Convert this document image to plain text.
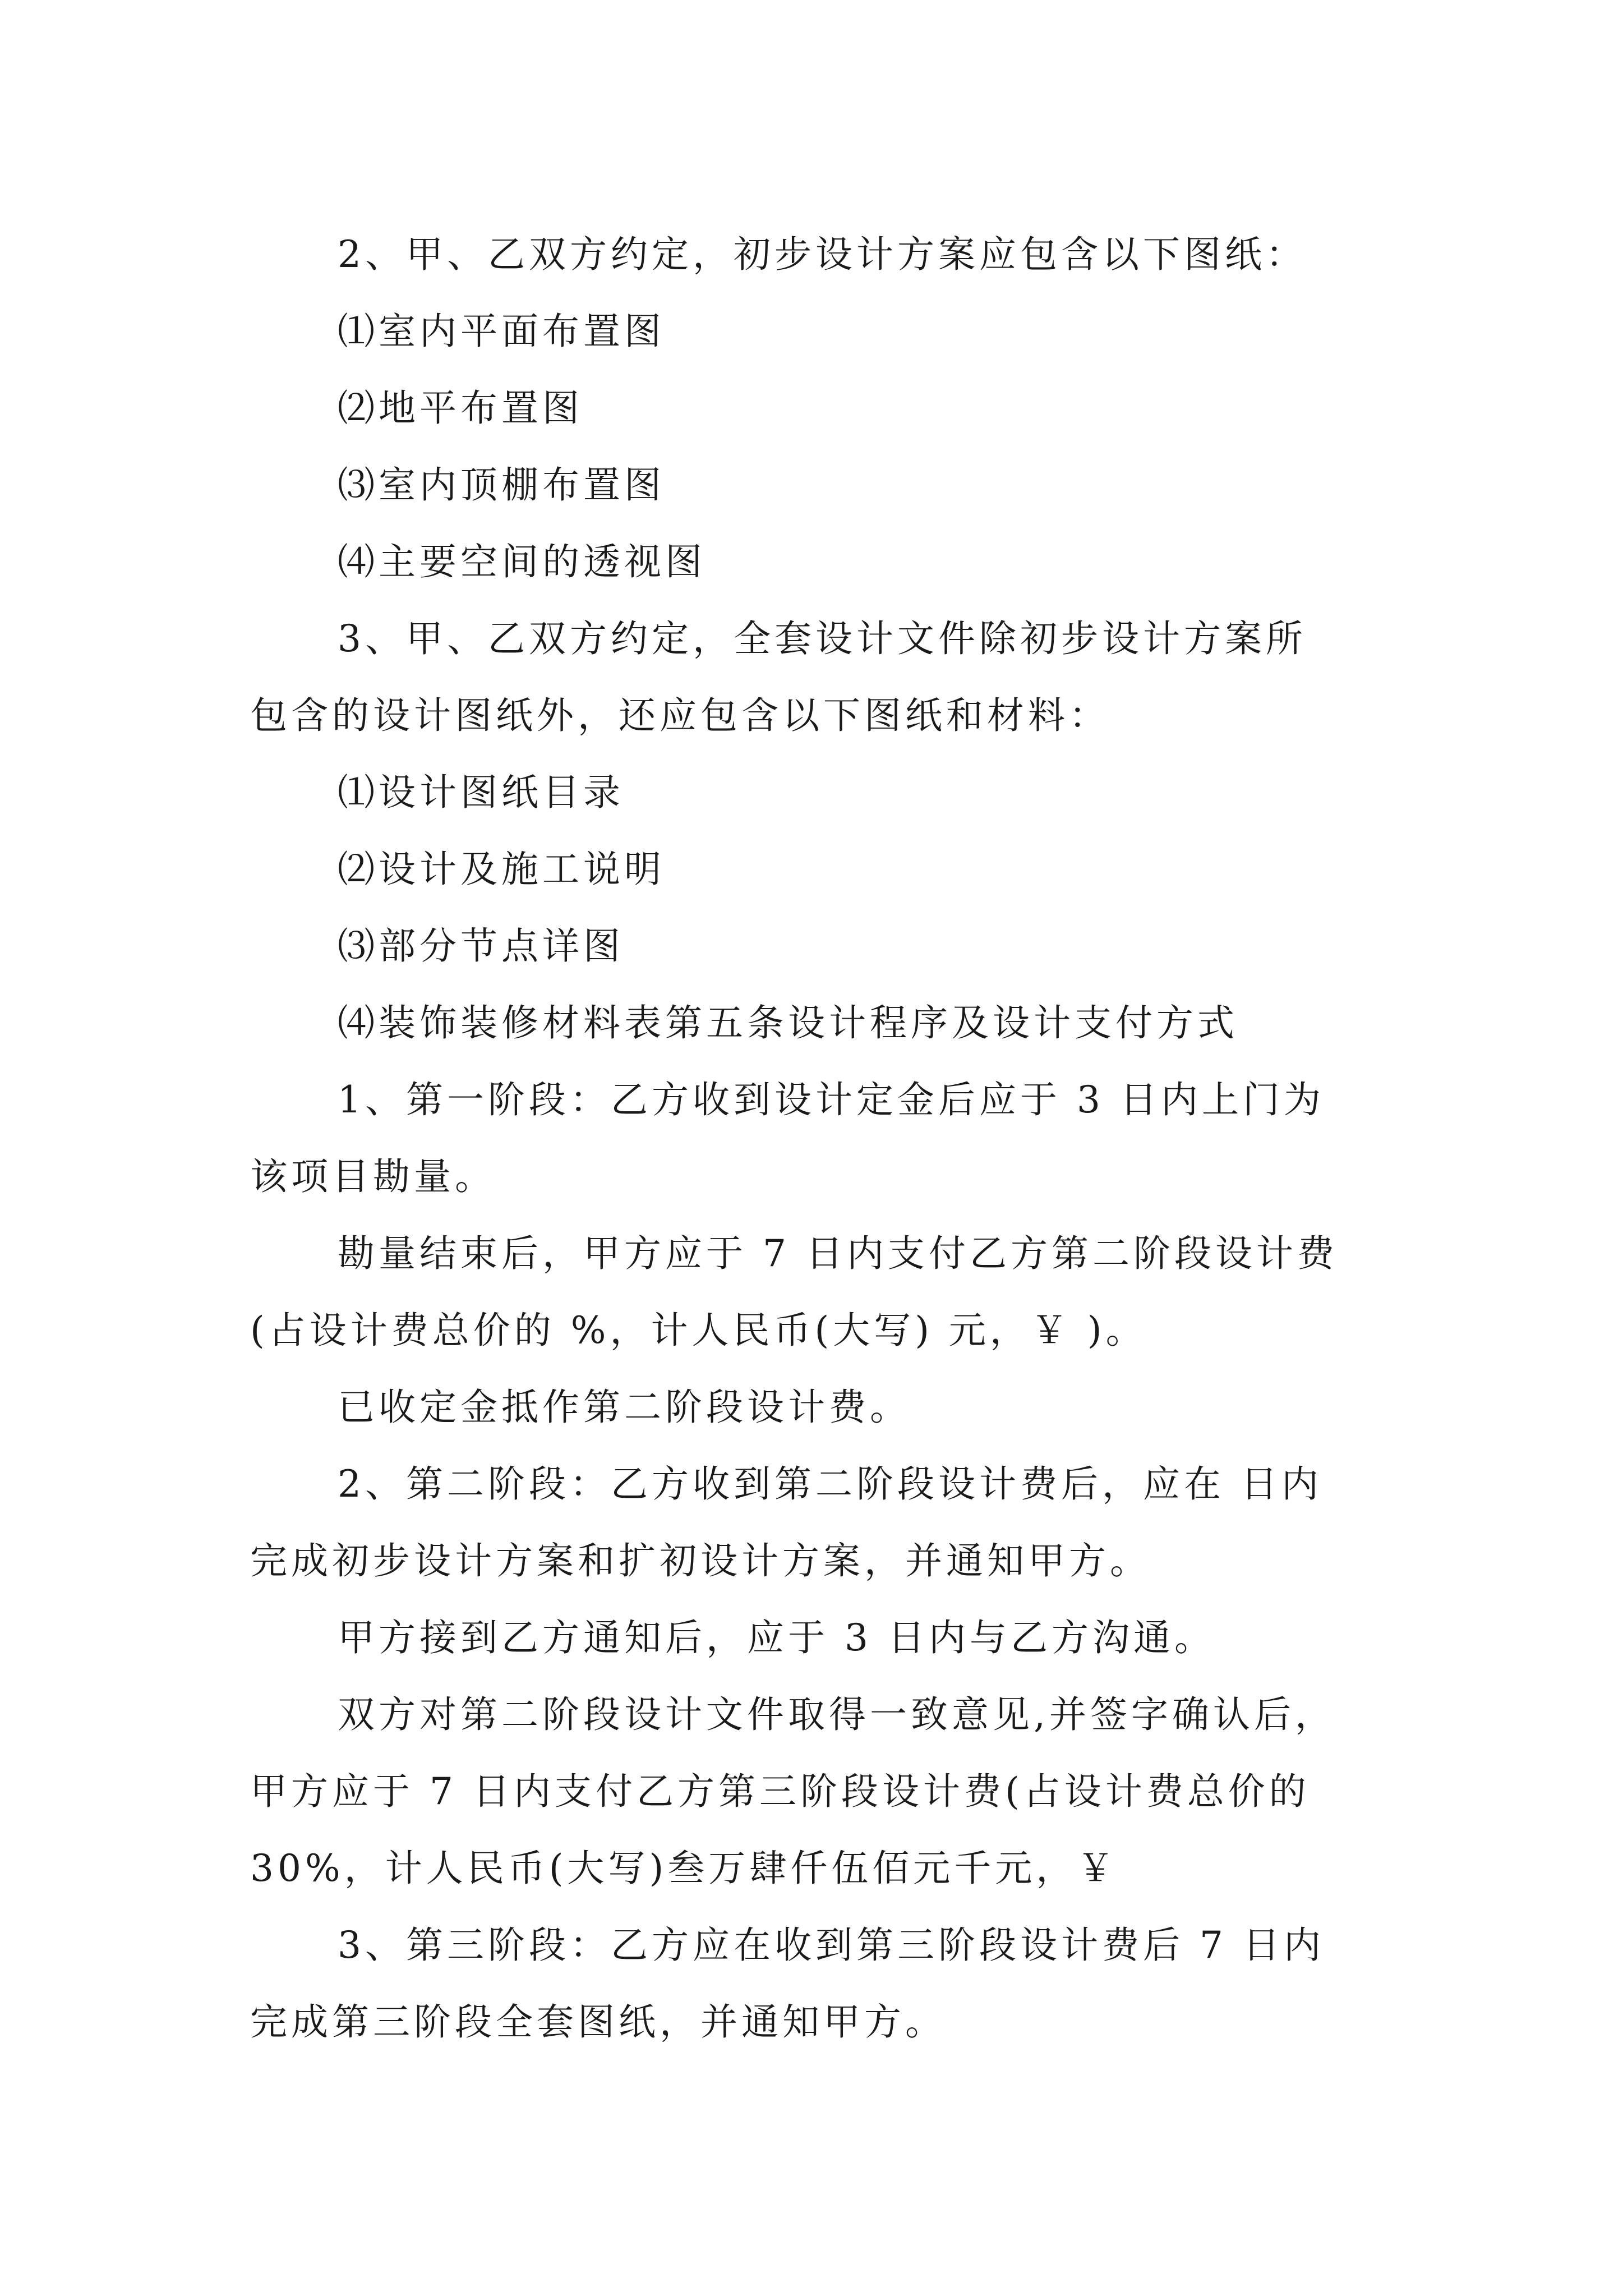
2、甲、乙双方约定，初步设计方案应包含以下图纸：
⑴室内平面布置图
⑵地平布置图
⑶室内顶棚布置图
⑷主要空间的透视图
3、甲、乙双方约定，全套设计文件除初步设计方案所
包含的设计图纸外，还应包含以下图纸和材料：
⑴设计图纸目录
⑵设计及施工说明
⑶部分节点详图
⑷装饰装修材料表第五条设计程序及设计支付方式
1、第一阶段：乙方收到设计定金后应于 3 日内上门为
该项目勘量。
勘量结束后，甲方应于 7 日内支付乙方第二阶段设计费
(占设计费总价的 %，计人民币(大写) 元，￥ )。
已收定金抵作第二阶段设计费。
2、第二阶段：乙方收到第二阶段设计费后，应在 日内
完成初步设计方案和扩初设计方案，并通知甲方。
甲方接到乙方通知后，应于 3 日内与乙方沟通。
双方对第二阶段设计文件取得一致意见,并签字确认后，
甲方应于 7 日内支付乙方第三阶段设计费(占设计费总价的
30%，计人民币(大写)叁万肆仟伍佰元千元，￥
3、第三阶段：乙方应在收到第三阶段设计费后 7 日内
完成第三阶段全套图纸，并通知甲方。
